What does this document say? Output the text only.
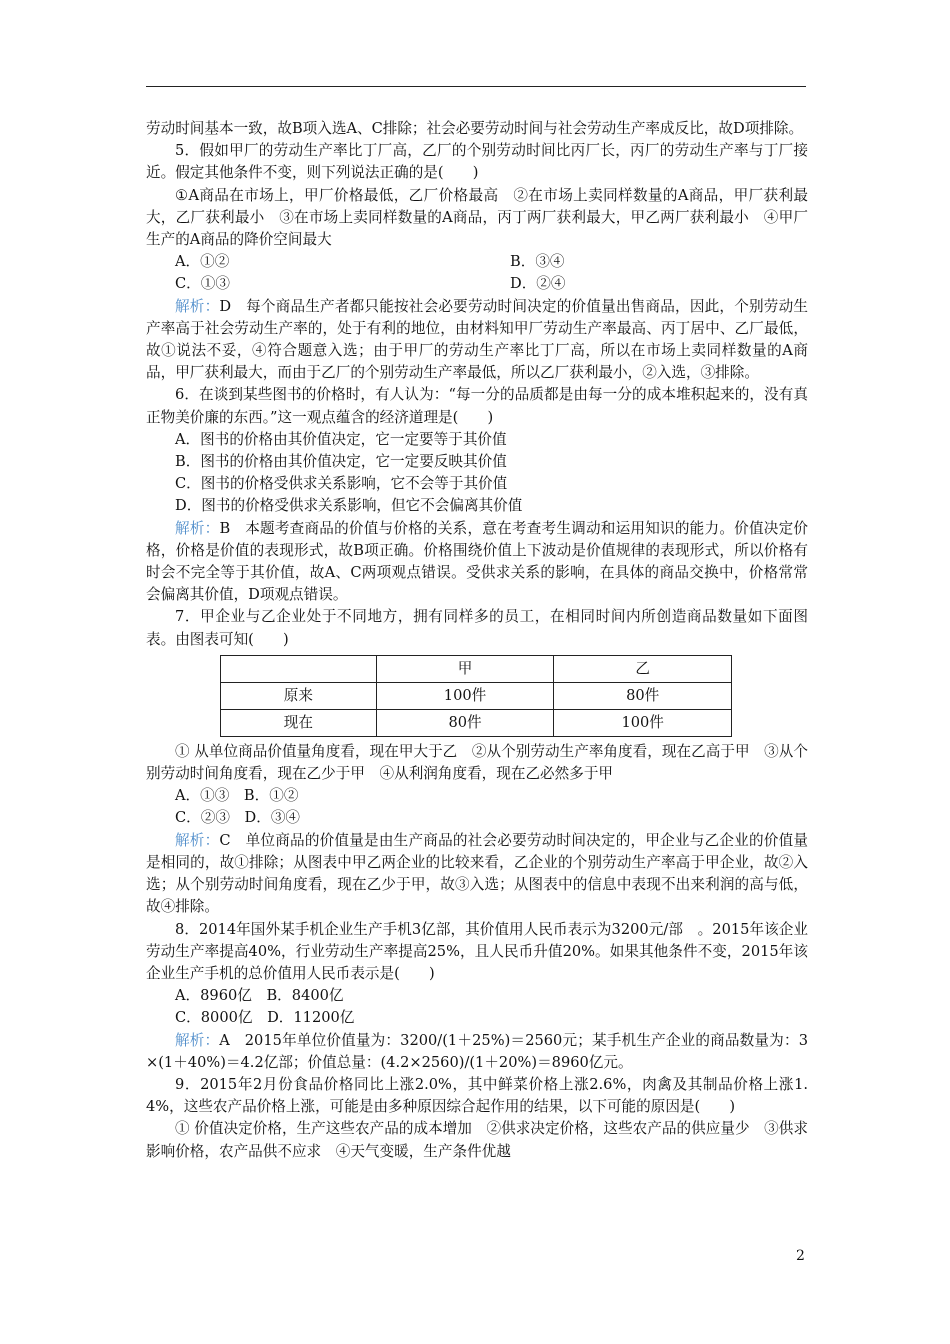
劳动时间基本一致，故B项入选A、C排除；社会必要劳动时间与社会劳动生产率成反比，故D项排除。

5．假如甲厂的劳动生产率比丁厂高，乙厂的个别劳动时间比丙厂长，丙厂的劳动生产率与丁厂接近。假定其他条件不变，则下列说法正确的是(　　)

①A商品在市场上，甲厂价格最低，乙厂价格最高　②在市场上卖同样数量的A商品，甲厂获利最大，乙厂获利最小　③在市场上卖同样数量的A商品，丙丁两厂获利最大，甲乙两厂获利最小　④甲厂生产的A商品的降价空间最大

A．①②	B．③④
C．①③	D．②④

解析：D　每个商品生产者都只能按社会必要劳动时间决定的价值量出售商品，因此，个别劳动生产率高于社会劳动生产率的，处于有利的地位，由材料知甲厂劳动生产率最高、丙丁居中、乙厂最低，故①说法不妥，④符合题意入选；由于甲厂的劳动生产率比丁厂高，所以在市场上卖同样数量的A商品，甲厂获利最大，而由于乙厂的个别劳动生产率最低，所以乙厂获利最小，②入选，③排除。

6．在谈到某些图书的价格时，有人认为：“每一分的品质都是由每一分的成本堆积起来的，没有真正物美价廉的东西。”这一观点蕴含的经济道理是(　　)

A．图书的价格由其价值决定，它一定要等于其价值

B．图书的价格由其价值决定，它一定要反映其价值

C．图书的价格受供求关系影响，它不会等于其价值

D．图书的价格受供求关系影响，但它不会偏离其价值

解析：B　本题考查商品的价值与价格的关系，意在考查考生调动和运用知识的能力。价值决定价格，价格是价值的表现形式，故B项正确。价格围绕价值上下波动是价值规律的表现形式，所以价格有时会不完全等于其价值，故A、C两项观点错误。受供求关系的影响，在具体的商品交换中，价格常常会偏离其价值，D项观点错误。

7．甲企业与乙企业处于不同地方，拥有同样多的员工，在相同时间内所创造商品数量如下面图表。由图表可知(　　)

	甲	乙
原来	100件	80件
现在	80件	100件

① 从单位商品价值量角度看，现在甲大于乙　②从个别劳动生产率角度看，现在乙高于甲　③从个别劳动时间角度看，现在乙少于甲　④从利润角度看，现在乙必然多于甲

A．①③　B．①②

C．②③　D．③④

解析：C　单位商品的价值量是由生产商品的社会必要劳动时间决定的，甲企业与乙企业的价值量是相同的，故①排除；从图表中甲乙两企业的比较来看，乙企业的个别劳动生产率高于甲企业，故②入选；从个别劳动时间角度看，现在乙少于甲，故③入选；从图表中的信息中表现不出来利润的高与低，故④排除。

8．2014年国外某手机企业生产手机3亿部，其价值用人民币表示为3200元/部　。2015年该企业劳动生产率提高40%，行业劳动生产率提高25%，且人民币升值20%。如果其他条件不变，2015年该企业生产手机的总价值用人民币表示是(　　)

A．8960亿　B．8400亿

C．8000亿　D．11200亿

解析：A　2015年单位价值量为：3200/(1＋25%)＝2560元；某手机生产企业的商品数量为：3×(1＋40%)＝4.2亿部；价值总量：(4.2×2560)/(1＋20%)＝8960亿元。

9．2015年2月份食品价格同比上涨2.0%，其中鲜菜价格上涨2.6%，肉禽及其制品价格上涨1.4%，这些农产品价格上涨，可能是由多种原因综合起作用的结果，以下可能的原因是(　　)

① 价值决定价格，生产这些农产品的成本增加　②供求决定价格，这些农产品的供应量少　③供求影响价格，农产品供不应求　④天气变暖，生产条件优越

2
